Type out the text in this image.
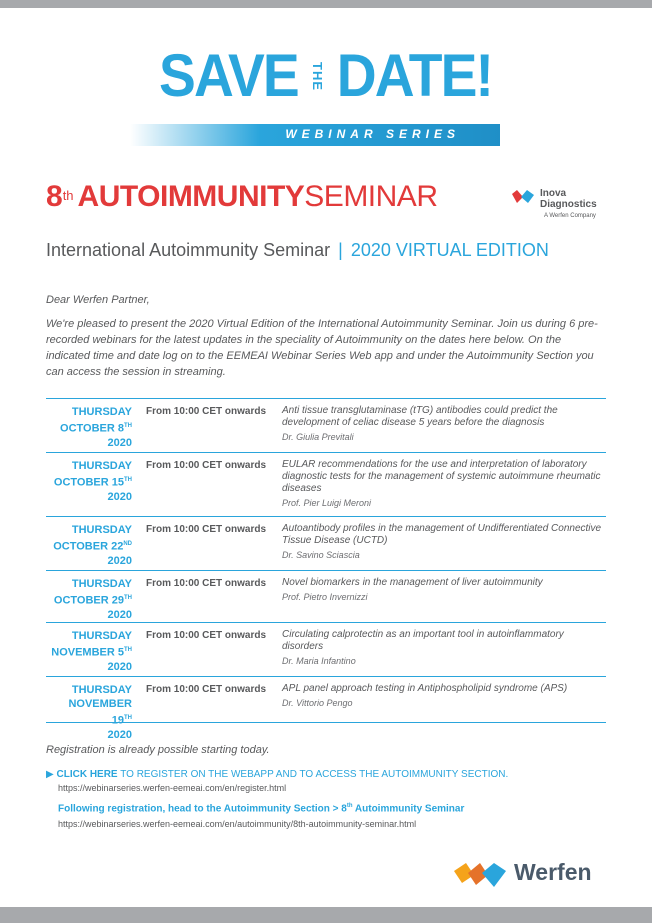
SAVE THE DATE!
WEBINAR SERIES
8th AUTOIMMUNITYSEMINAR	Inova
Diagnostics
A Werfen Company
International Autoimmunity Seminar | 2020 VIRTUAL EDITION
Dear Werfen Partner,
We're pleased to present the 2020 Virtual Edition of the International Autoimmunity Seminar. Join us during 6 pre-recorded webinars for the latest updates in the speciality of Autoimmunity on the dates here below. On the indicated time and date log on to the EEMEAI Webinar Series Web app and under the Autoimmunity Section you can access the session in streaming.
THURSDAY
OCTOBER 8TH
2020
From 10:00 CET onwards Anti tissue transglutaminase (tTG) antibodies could predict the development of celiac disease 5 years before the diagnosis
Dr. Giulia Previtali
THURSDAY
OCTOBER 15TH
2020
From 10:00 CET onwards EULAR recommendations for the use and interpretation of laboratory diagnostic tests for the management of systemic autoimmune rheumatic diseases
Prof. Pier Luigi Meroni
THURSDAY
OCTOBER 22ND
2020
From 10:00 CET onwards Autoantibody profiles in the management of Undifferentiated Connective Tissue Disease (UCTD)
Dr. Savino Sciascia
THURSDAY
OCTOBER 29TH
2020
From 10:00 CET onwards Novel biomarkers in the management of liver autoimmunity
Prof. Pietro Invernizzi
THURSDAY
NOVEMBER 5TH
2020
From 10:00 CET onwards Circulating calprotectin as an important tool in autoinflammatory disorders
Dr. Maria Infantino
THURSDAY
NOVEMBER 19TH
2020
From 10:00 CET onwards APL panel approach testing in Antiphospholipid syndrome (APS)
Dr. Vittorio Pengo
Registration is already possible starting today.
▶ CLICK HERE TO REGISTER ON THE WEBAPP AND TO ACCESS THE AUTOIMMUNITY SECTION.
https://webinarseries.werfen-eemeai.com/en/register.html
Following registration, head to the Autoimmunity Section > 8th Autoimmunity Seminar
https://webinarseries.werfen-eemeai.com/en/autoimmunity/8th-autoimmunity-seminar.html
Werfen
